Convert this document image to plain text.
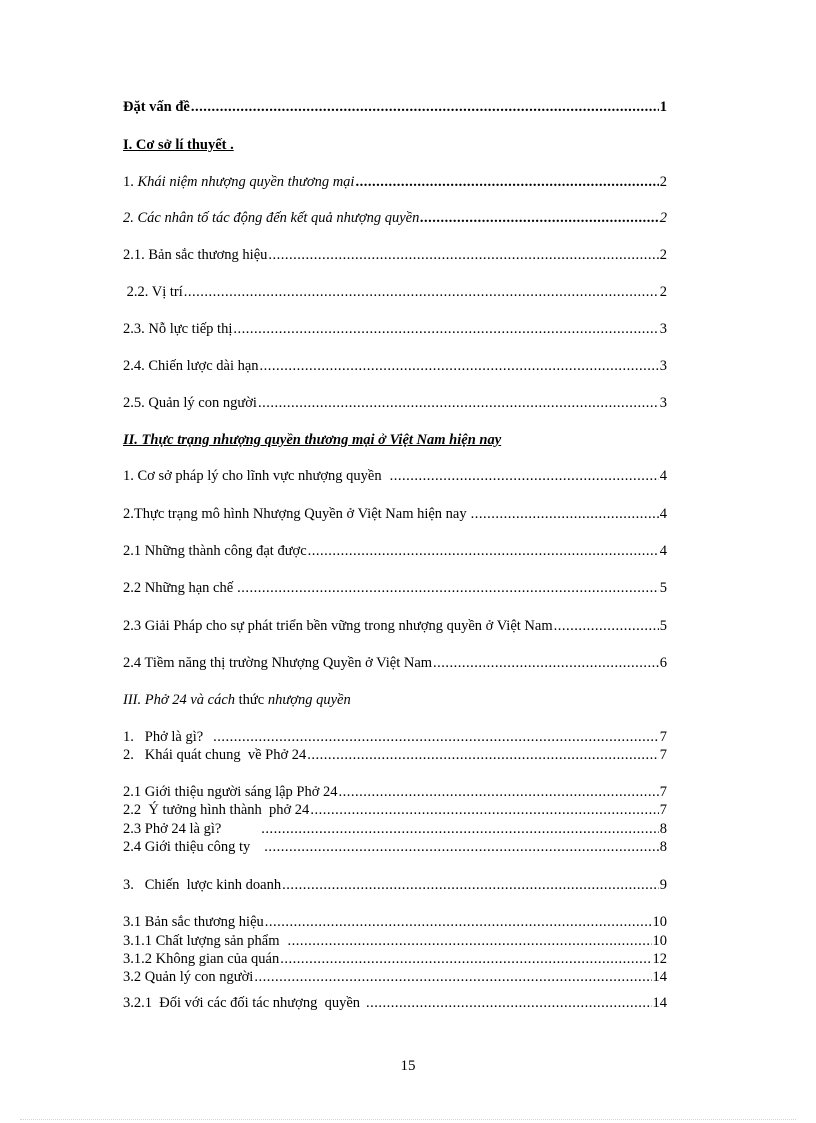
Đặt vấn đề .....	1
I. Cơ sở lí thuyết .
1. Khái niệm nhượng quyền thương mại .....	2
2. Các nhân tố tác động đến kết quả nhượng quyền .....	2
2.1. Bản sắc thương hiệu .....	2
2.2. Vị trí .....	2
2.3. Nỗ lực tiếp thị .....	3
2.4. Chiến lược dài hạn .....	3
2.5. Quản lý con người .....	3
II. Thực trạng nhượng quyền thương mại ở Việt Nam hiện nay
1. Cơ sở pháp lý cho lĩnh vực nhượng quyền .....	4
2.Thực trạng mô hình Nhượng Quyền ở Việt Nam hiện nay .....	4
2.1 Những thành công đạt được .....	4
2.2 Những hạn chế .....	5
2.3 Giải Pháp cho sự phát triển bền vững trong nhượng quyền ở Việt Nam .....	5
2.4 Tiềm năng thị trường Nhượng Quyền ở Việt Nam .....	6
III. Phở 24 và cách thức nhượng quyền
1.   Phở là gì? .....	7
2.   Khái quát chung  về Phở 24 .....	7
2.1 Giới thiệu người sáng lập Phở 24 .....	7
2.2  Ý tưởng hình thành  phở 24 .....	7
2.3 Phở 24 là gì? .....	8
2.4 Giới thiệu công ty .....	8
3.   Chiến  lược kinh doanh .....	9
3.1 Bản sắc thương hiệu .....	10
3.1.1 Chất lượng sản phẩm .....	10
3.1.2 Không gian của quán .....	12
3.2 Quản lý con người .....	14
3.2.1  Đối với các đối tác nhượng  quyền .....	14
15
